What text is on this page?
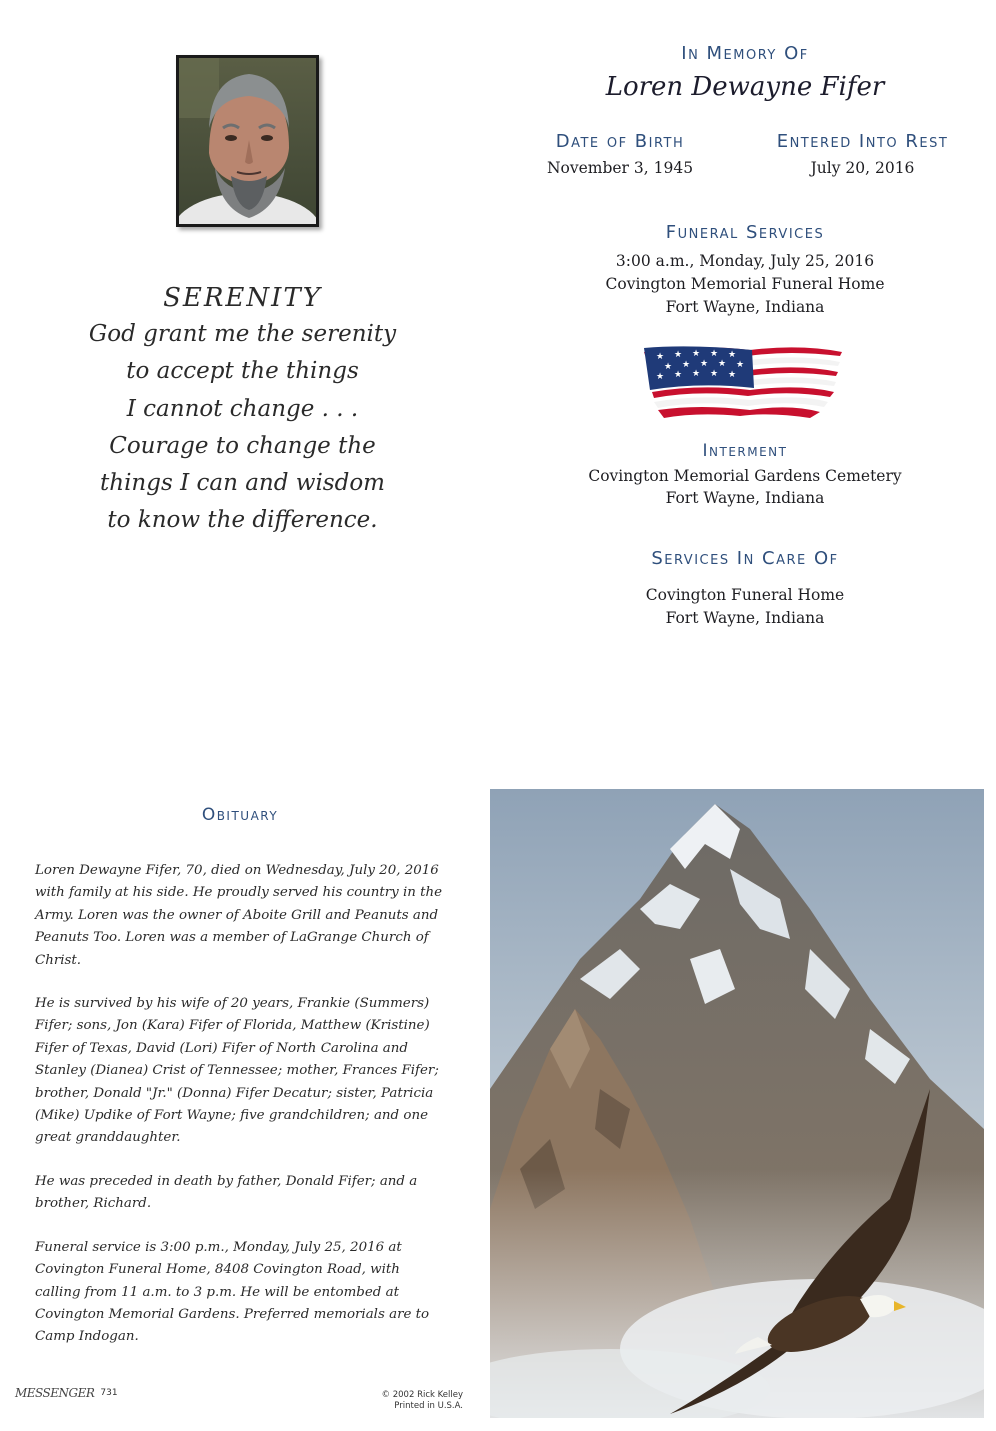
SERENITY
God grant me the serenity
to accept the things
I cannot change . . .
Courage to change the
things I can and wisdom
to know the difference.
In Memory Of
Loren Dewayne Fifer
Date of Birth
November 3, 1945
Entered Into Rest
July 20, 2016
Funeral Services
3:00 a.m., Monday, July 25, 2016
Covington Memorial Funeral Home
Fort Wayne, Indiana
★ ★ ★ ★ ★
★ ★ ★ ★ ★
★ ★ ★ ★ ★
Interment
Covington Memorial Gardens Cemetery
Fort Wayne, Indiana
Services In Care Of
Covington Funeral Home
Fort Wayne, Indiana
Obituary

Loren Dewayne Fifer, 70, died on Wednesday, July 20, 2016 with family at his side. He proudly served his country in the Army. Loren was the owner of Aboite Grill and Peanuts and Peanuts Too. Loren was a member of LaGrange Church of Christ.

He is survived by his wife of 20 years, Frankie (Summers) Fifer; sons, Jon (Kara) Fifer of Florida, Matthew (Kristine) Fifer of Texas, David (Lori) Fifer of North Carolina and Stanley (Dianea) Crist of Tennessee; mother, Frances Fifer; brother, Donald "Jr." (Donna) Fifer Decatur; sister, Patricia (Mike) Updike of Fort Wayne; five grandchildren; and one great granddaughter.

He was preceded in death by father, Donald Fifer; and a brother, Richard.

Funeral service is 3:00 p.m., Monday, July 25, 2016 at Covington Funeral Home, 8408 Covington Road, with calling from 11 a.m. to 3 p.m. He will be entombed at Covington Memorial Gardens. Preferred memorials are to Camp Indogan.

MESSENGER 731	© 2002 Rick Kelley
Printed in U.S.A.
